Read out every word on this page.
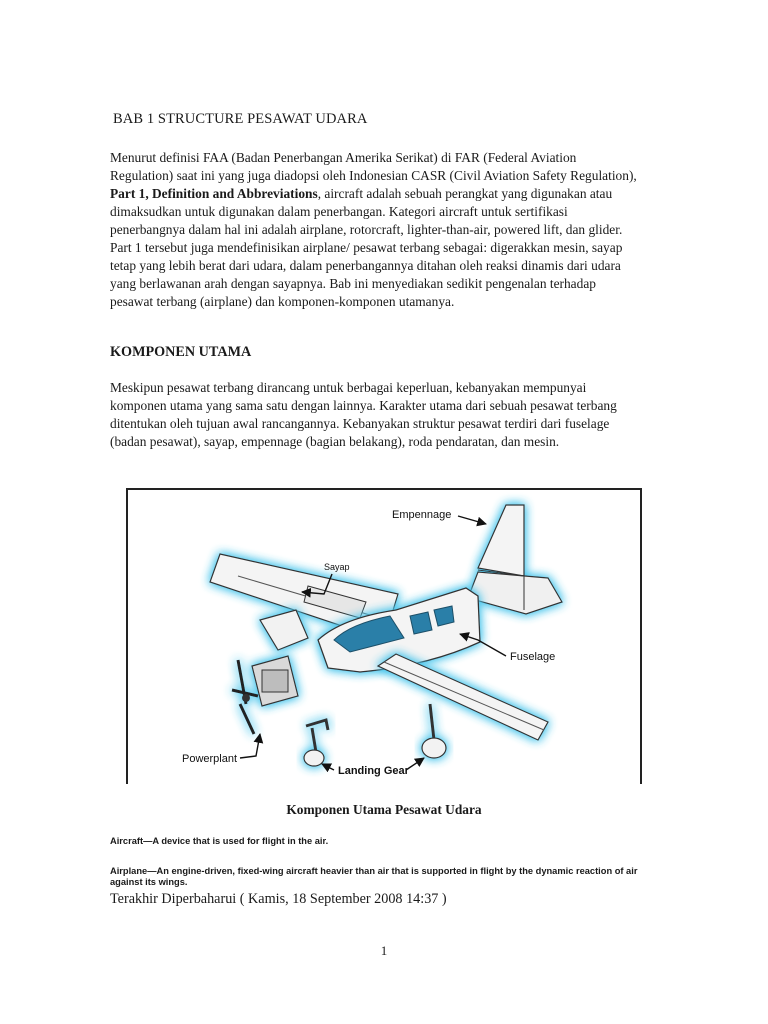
BAB 1 STRUCTURE PESAWAT UDARA
Menurut definisi FAA (Badan Penerbangan Amerika Serikat) di FAR (Federal Aviation Regulation) saat ini yang juga diadopsi oleh Indonesian CASR (Civil Aviation Safety Regulation), Part 1, Definition and Abbreviations, aircraft adalah sebuah perangkat yang digunakan atau dimaksudkan untuk digunakan dalam penerbangan. Kategori aircraft untuk sertifikasi penerbangnya dalam hal ini adalah airplane, rotorcraft, lighter-than-air, powered lift, dan glider. Part 1 tersebut juga mendefinisikan airplane/ pesawat terbang sebagai: digerakkan mesin, sayap tetap yang lebih berat dari udara, dalam penerbangannya ditahan oleh reaksi dinamis dari udara yang berlawanan arah dengan sayapnya. Bab ini menyediakan sedikit pengenalan terhadap pesawat terbang (airplane) dan komponen-komponen utamanya.
KOMPONEN UTAMA
Meskipun pesawat terbang dirancang untuk berbagai keperluan, kebanyakan mempunyai komponen utama yang sama satu dengan lainnya. Karakter utama dari sebuah pesawat terbang ditentukan oleh tujuan awal rancangannya. Kebanyakan struktur pesawat terdiri dari fuselage (badan pesawat), sayap, empennage (bagian belakang), roda pendaratan, dan mesin.
Empennage
Sayap
Fuselage
Powerplant
Landing Gear
Komponen Utama Pesawat Udara
Aircraft—A device that is used for flight in the air.
Airplane—An engine-driven, fixed-wing aircraft heavier than air that is supported in flight by the dynamic reaction of air against its wings.
Terakhir Diperbaharui ( Kamis, 18 September 2008 14:37 )
1
